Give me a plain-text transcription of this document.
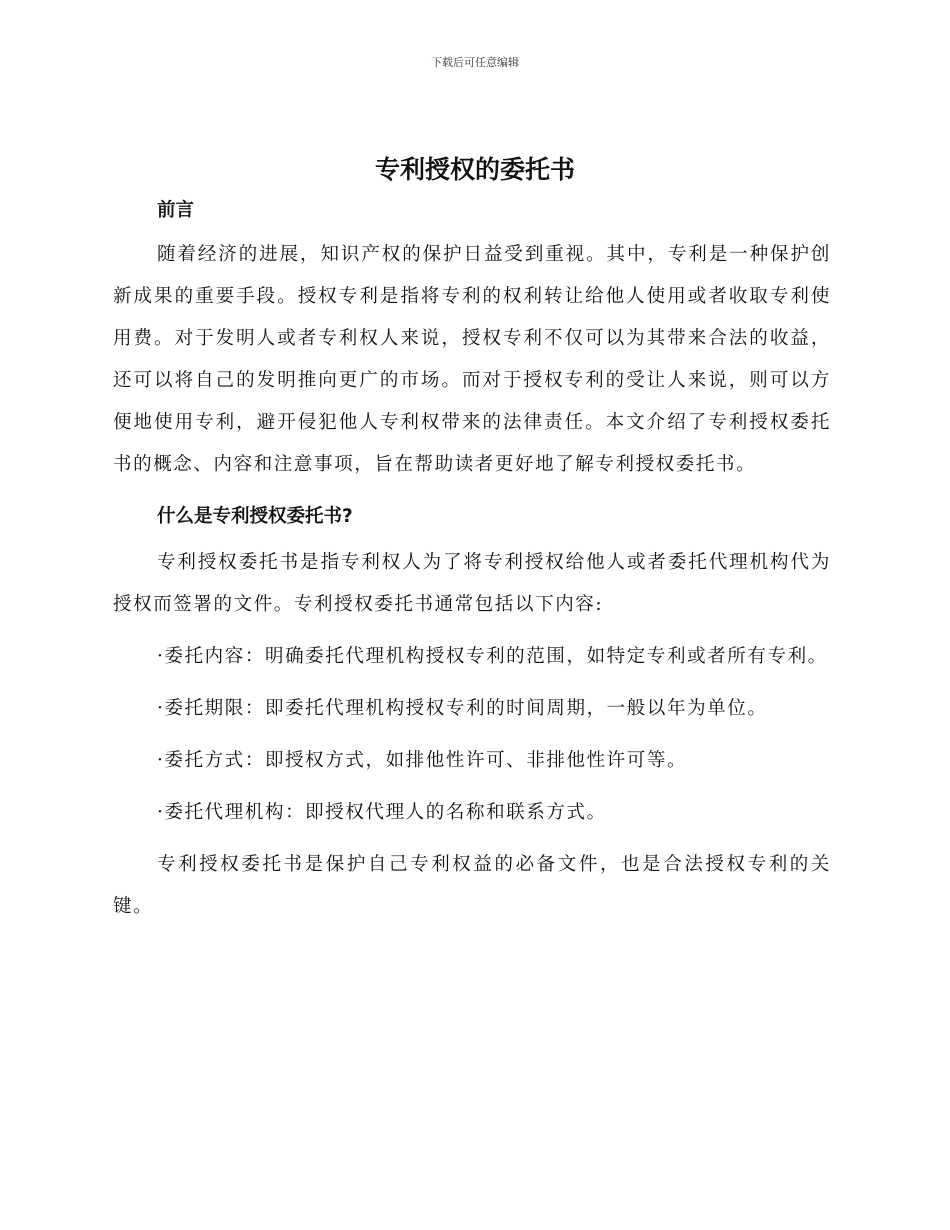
下载后可任意编辑
专利授权的委托书

前言

随着经济的进展，知识产权的保护日益受到重视。其中，专利是一种保护创新成果的重要手段。授权专利是指将专利的权利转让给他人使用或者收取专利使用费。对于发明人或者专利权人来说，授权专利不仅可以为其带来合法的收益，还可以将自己的发明推向更广的市场。而对于授权专利的受让人来说，则可以方便地使用专利，避开侵犯他人专利权带来的法律责任。本文介绍了专利授权委托书的概念、内容和注意事项，旨在帮助读者更好地了解专利授权委托书。

什么是专利授权委托书?

专利授权委托书是指专利权人为了将专利授权给他人或者委托代理机构代为授权而签署的文件。专利授权委托书通常包括以下内容:

·委托内容：明确委托代理机构授权专利的范围，如特定专利或者所有专利。

·委托期限：即委托代理机构授权专利的时间周期，一般以年为单位。

·委托方式：即授权方式，如排他性许可、非排他性许可等。

·委托代理机构：即授权代理人的名称和联系方式。

专利授权委托书是保护自己专利权益的必备文件，也是合法授权专利的关键。
